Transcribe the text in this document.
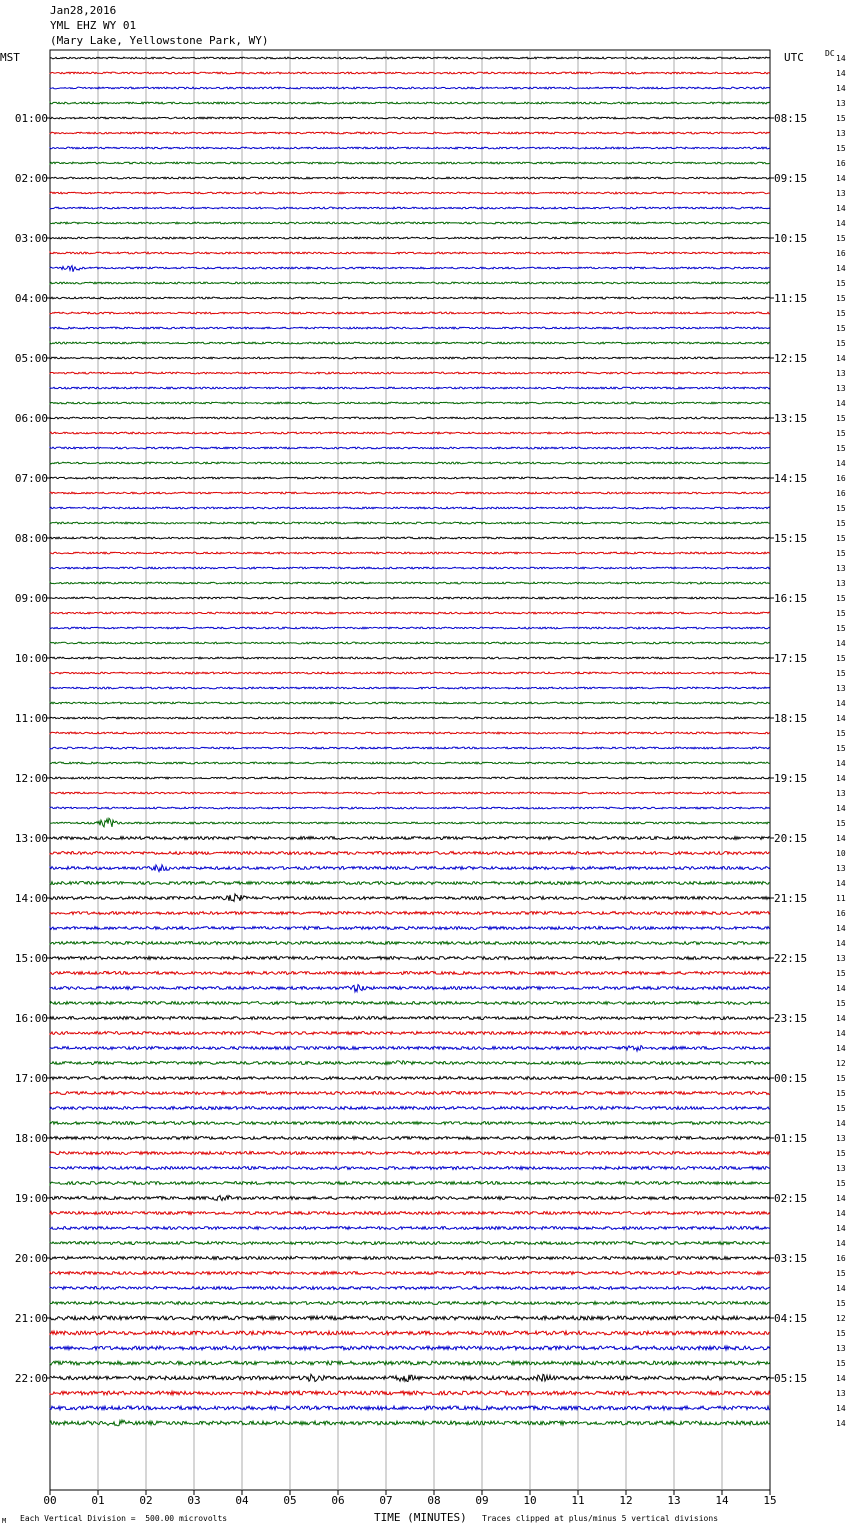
Jan28,2016
YML EHZ WY 01
(Mary Lake, Yellowstone Park, WY)
00	01	02	03	04	05	06	07	08	09	10	11	12	13	14	15
14
14
14
13
15
01:00	08:15
13
15
16
14
02:00	09:15
13
14
14
15
03:00	10:15
16
14
15
15
04:00	11:15
15
15
15
14
05:00	12:15
13
13
14
15
06:00	13:15
15
15
14
16
07:00	14:15
16
15
15
15
08:00	15:15
15
13
13
15
09:00	16:15
15
15
14
15
10:00	17:15
15
13
14
14
11:00	18:15
15
15
14
14
12:00	19:15
13
14
15
14
13:00	20:15
10
13
14
11
14:00	21:15
16
14
14
13
15:00	22:15
15
14
15
14
16:00	23:15
14
14
12
15
17:00	00:15
15
15
14
13
18:00	01:15
15
13
15
14
19:00	02:15
14
14
14
16
20:00	03:15
15
14
15
12
21:00	04:15
15
13
15
14
22:00	05:15
13
14
14
MST	UTC	DC
M Each Vertical Division =  500.00 microvolts	TIME (MINUTES) Traces clipped at plus/minus 5 vertical divisions
